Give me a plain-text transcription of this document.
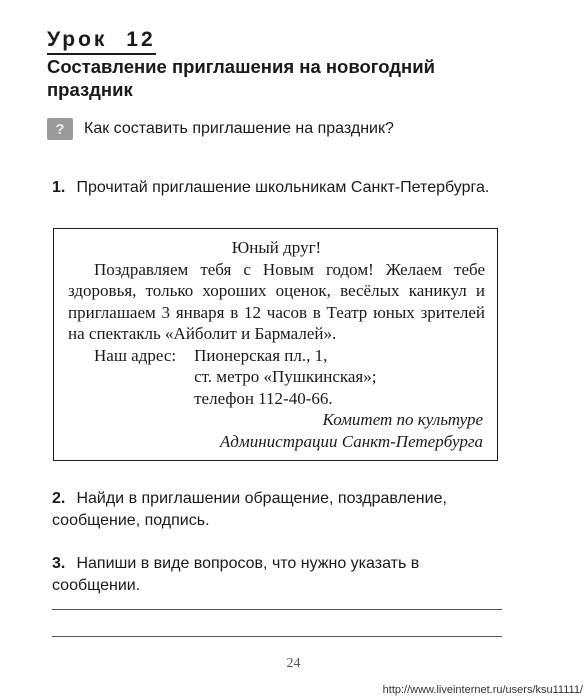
Урок 12
Составление приглашения на новогодний праздник
?	Как составить приглашение на праздник?
1. Прочитай приглашение школьникам Санкт-Петербурга.
Юный друг!
Поздравляем тебя с Новым годом! Желаем тебе здоровья, только хороших оценок, весёлых каникул и приглашаем 3 января в 12 часов в Театр юных зрителей на спектакль «Айболит и Бармалей».
Наш адрес: Пионерская пл., 1,
ст. метро «Пушкинская»;
телефон 112-40-66.
Комитет по культуре
Администрации Санкт-Петербурга
2. Найди в приглашении обращение, поздравление, сообщение, подпись.
3. Напиши в виде вопросов, что нужно указать в сообщении.
24
http://www.liveinternet.ru/users/ksu11111/
